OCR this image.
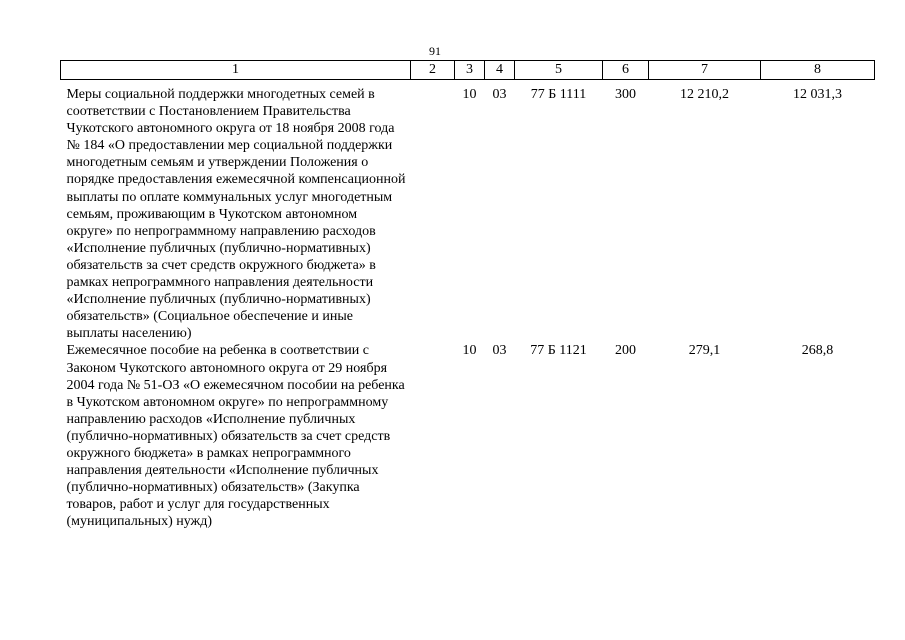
91
1	2	3	4	5	6	7	8
Меры социальной поддержки многодетных семей в соответствии с Постановлением Правительства Чукотского автономного округа от 18 ноября 2008 года № 184 «О предоставлении мер социальной поддержки многодетным семьям и утверждении Положения о порядке предоставления ежемесячной компенсационной выплаты по оплате коммунальных услуг многодетным семьям, проживающим в Чукотском автономном округе» по непрограммному направлению расходов «Исполнение публичных (публично-нормативных) обязательств за счет средств окружного бюджета» в рамках непрограммного направления деятельности «Исполнение публичных (публично-нормативных) обязательств» (Социальное обеспечение и иные выплаты населению)		10	03	77 Б 1111	300	12 210,2	12 031,3
Ежемесячное пособие на ребенка в соответствии с Законом Чукотского автономного округа от 29 ноября 2004 года № 51-ОЗ «О ежемесячном пособии на ребенка в Чукотском автономном округе» по непрограммному направлению расходов «Исполнение публичных (публично-нормативных) обязательств за счет средств окружного бюджета» в рамках непрограммного направления деятельности «Исполнение публичных (публично-нормативных) обязательств» (Закупка товаров, работ и услуг для государственных (муниципальных) нужд)		10	03	77 Б 1121	200	279,1	268,8
